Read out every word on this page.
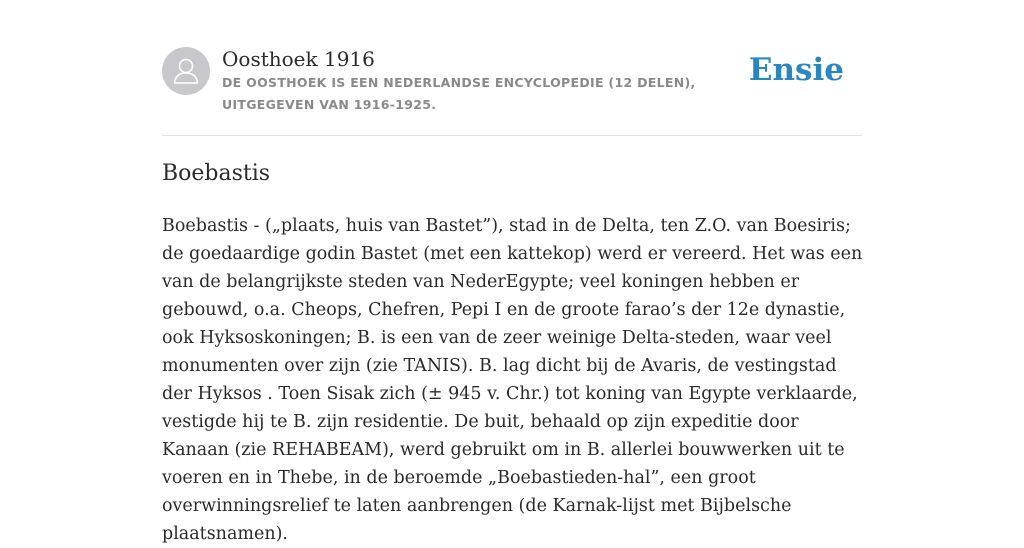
Oosthoek 1916
DE OOSTHOEK IS EEN NEDERLANDSE ENCYCLOPEDIE (12 DELEN), UITGEGEVEN VAN 1916-1925.
Ensie
Boebastis

Boebastis - („plaats, huis van Bastet”), stad in de Delta, ten Z.O. van Boesiris; de goedaardige godin Bastet (met een kattekop) werd er vereerd. Het was een van de belangrijkste steden van NederEgypte; veel koningen hebben er gebouwd, o.a. Cheops, Chefren, Pepi I en de groote farao’s der 12e dynastie, ook Hyksoskoningen; B. is een van de zeer weinige Delta-steden, waar veel monumenten over zijn (zie TANIS). B. lag dicht bij de Avaris, de vestingstad der Hyksos . Toen Sisak zich (± 945 v. Chr.) tot koning van Egypte verklaarde, vestigde hij te B. zijn residentie. De buit, behaald op zijn expeditie door Kanaan (zie REHABEAM), werd gebruikt om in B. allerlei bouwwerken uit te voeren en in Thebe, in de beroemde „Boebastieden-hal”, een groot overwinningsrelief te laten aanbrengen (de Karnak-lijst met Bijbelsche plaatsnamen).
